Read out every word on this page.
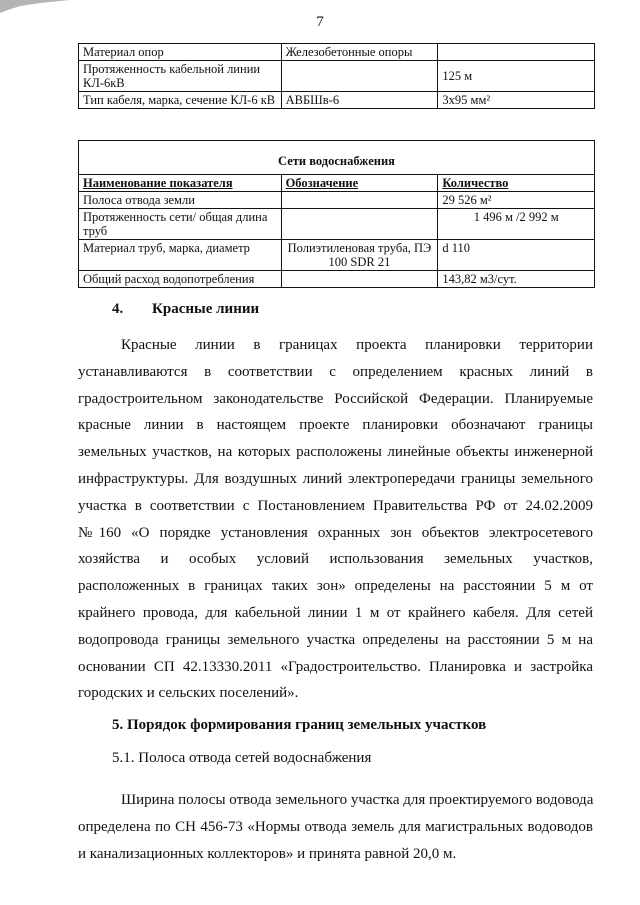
7
Материал опор	Железобетонные опоры	
Протяженность кабельной линии КЛ-6кВ		125 м
Тип кабеля, марка, сечение КЛ-6 кВ	АВБШв-6	3х95 мм²
Сети водоснабжения		
Наименование показателя	Обозначение	Количество
Полоса отвода земли		29 526 м²
Протяженность сети/ общая длина труб		1 496 м /2 992 м
Материал труб, марка, диаметр	Полиэтиленовая труба, ПЭ 100 SDR 21	d 110
Общий расход водопотребления		143,82 м3/сут.
4. Красные линии
Красные линии в границах проекта планировки территории
устанавливаются в соответствии с определением красных линий в
градостроительном законодательстве Российской Федерации. Планируемые
красные линии в настоящем проекте планировки обозначают границы
земельных участков, на которых расположены линейные объекты инженерной
инфраструктуры. Для воздушных линий электропередачи границы земельного
участка в соответствии с Постановлением Правительства РФ от 24.02.2009
№160 «О порядке установления охранных зон объектов электросетевого
хозяйства и особых условий использования земельных участков,
расположенных в границах таких зон» определены на расстоянии 5 м от
крайнего провода, для кабельной линии 1 м от крайнего кабеля. Для сетей
водопровода границы земельного участка определены на расстоянии 5 м на
основании СП 42.13330.2011 «Градостроительство. Планировка и застройка
городских и сельских поселений».
5. Порядок формирования границ земельных участков
5.1. Полоса отвода сетей водоснабжения
Ширина полосы отвода земельного участка для проектируемого водовода
определена по СН 456-73 «Нормы отвода земель для магистральных водоводов
и канализационных коллекторов» и принята равной 20,0 м.
